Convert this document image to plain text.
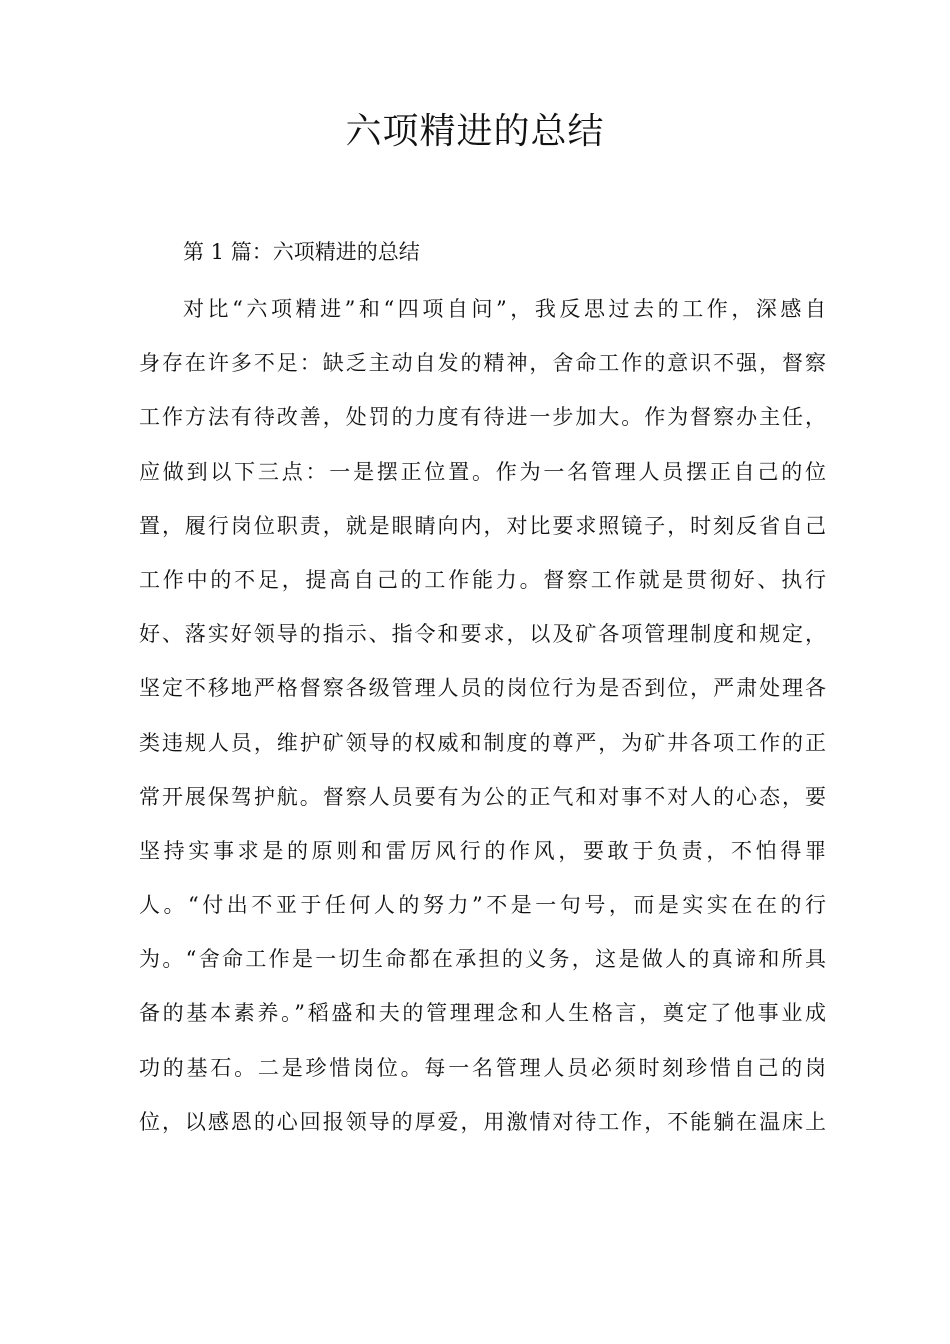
六项精进的总结
第 1 篇：六项精进的总结
对比“六项精进”和“四项自问”，我反思过去的工作，深感自
身存在许多不足：缺乏主动自发的精神，舍命工作的意识不强，督察
工作方法有待改善，处罚的力度有待进一步加大。作为督察办主任，
应做到以下三点：一是摆正位置。作为一名管理人员摆正自己的位
置，履行岗位职责，就是眼睛向内，对比要求照镜子，时刻反省自己
工作中的不足，提高自己的工作能力。督察工作就是贯彻好、执行
好、落实好领导的指示、指令和要求，以及矿各项管理制度和规定，
坚定不移地严格督察各级管理人员的岗位行为是否到位，严肃处理各
类违规人员，维护矿领导的权威和制度的尊严，为矿井各项工作的正
常开展保驾护航。督察人员要有为公的正气和对事不对人的心态，要
坚持实事求是的原则和雷厉风行的作风，要敢于负责，不怕得罪
人。“付出不亚于任何人的努力”不是一句号，而是实实在在的行
为。“舍命工作是一切生命都在承担的义务，这是做人的真谛和所具
备的基本素养。”稻盛和夫的管理理念和人生格言，奠定了他事业成
功的基石。二是珍惜岗位。每一名管理人员必须时刻珍惜自己的岗
位，以感恩的心回报领导的厚爱，用激情对待工作，不能躺在温床上
